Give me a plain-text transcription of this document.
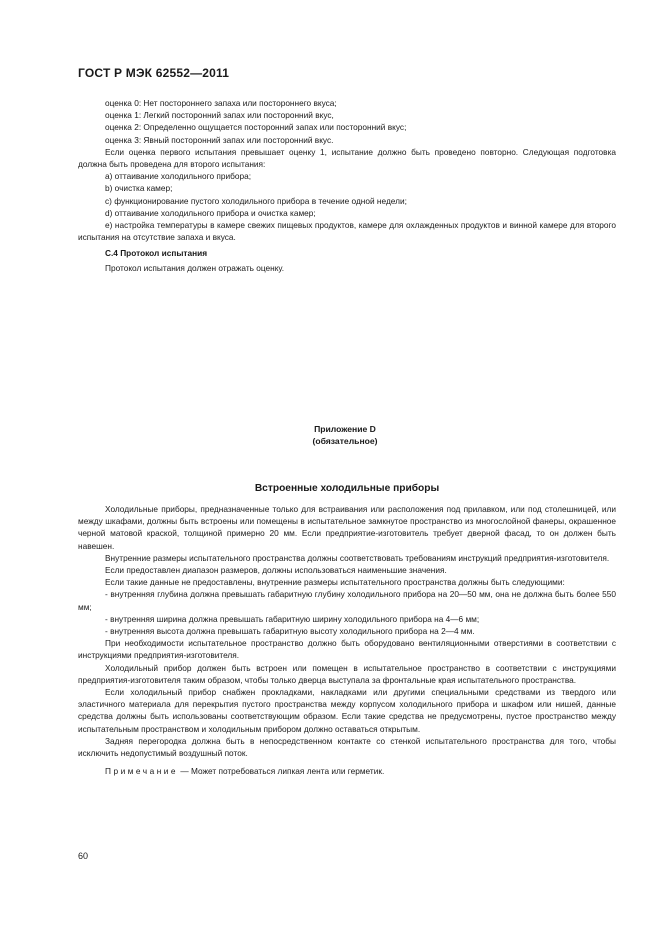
ГОСТ Р МЭК 62552—2011

оценка 0: Нет постороннего запаха или постороннего вкуса;

оценка 1: Легкий посторонний запах или посторонний вкус,

оценка 2: Определенно ощущается посторонний запах или посторонний вкус;

оценка 3: Явный посторонний запах или посторонний вкус.

Если оценка первого испытания превышает оценку 1, испытание должно быть проведено повторно. Следующая подготовка должна быть проведена для второго испытания:

a) оттаивание холодильного прибора;

b) очистка камер;

c) функционирование пустого холодильного прибора в течение одной недели;

d) оттаивание холодильного прибора и очистка камер;

e) настройка температуры в камере свежих пищевых продуктов, камере для охлажденных продуктов и винной камере для второго испытания на отсутствие запаха и вкуса.

С.4 Протокол испытания

Протокол испытания должен отражать оценку.

Приложение D
(обязательное)
Встроенные холодильные приборы

Холодильные приборы, предназначенные только для встраивания или расположения под прилавком, или под столешницей, или между шкафами, должны быть встроены или помещены в испытательное замкнутое пространство из многослойной фанеры, окрашенное черной матовой краской, толщиной примерно 20 мм. Если предприятие-изготовитель требует дверной фасад, то он должен быть навешен.

Внутренние размеры испытательного пространства должны соответствовать требованиям инструкций предприятия-изготовителя.

Если предоставлен диапазон размеров, должны использоваться наименьшие значения.

Если такие данные не предоставлены, внутренние размеры испытательного пространства должны быть следующими:

- внутренняя глубина должна превышать габаритную глубину холодильного прибора на 20—50 мм, она не должна быть более 550 мм;

- внутренняя ширина должна превышать габаритную ширину холодильного прибора на 4—6 мм;

- внутренняя высота должна превышать габаритную высоту холодильного прибора на 2—4 мм.

При необходимости испытательное пространство должно быть оборудовано вентиляционными отверстиями в соответствии с инструкциями предприятия-изготовителя.

Холодильный прибор должен быть встроен или помещен в испытательное пространство в соответствии с инструкциями предприятия-изготовителя таким образом, чтобы только дверца выступала за фронтальные края испытательного пространства.

Если холодильный прибор снабжен прокладками, накладками или другими специальными средствами из твердого или эластичного материала для перекрытия пустого пространства между корпусом холодильного прибора и шкафом или нишей, данные средства должны быть использованы соответствующим образом. Если такие средства не предусмотрены, пустое пространство между испытательным пространством и холодильным прибором должно оставаться открытым.

Задняя перегородка должна быть в непосредственном контакте со стенкой испытательного пространства для того, чтобы исключить недопустимый воздушный поток.

Примечание — Может потребоваться липкая лента или герметик.

60
